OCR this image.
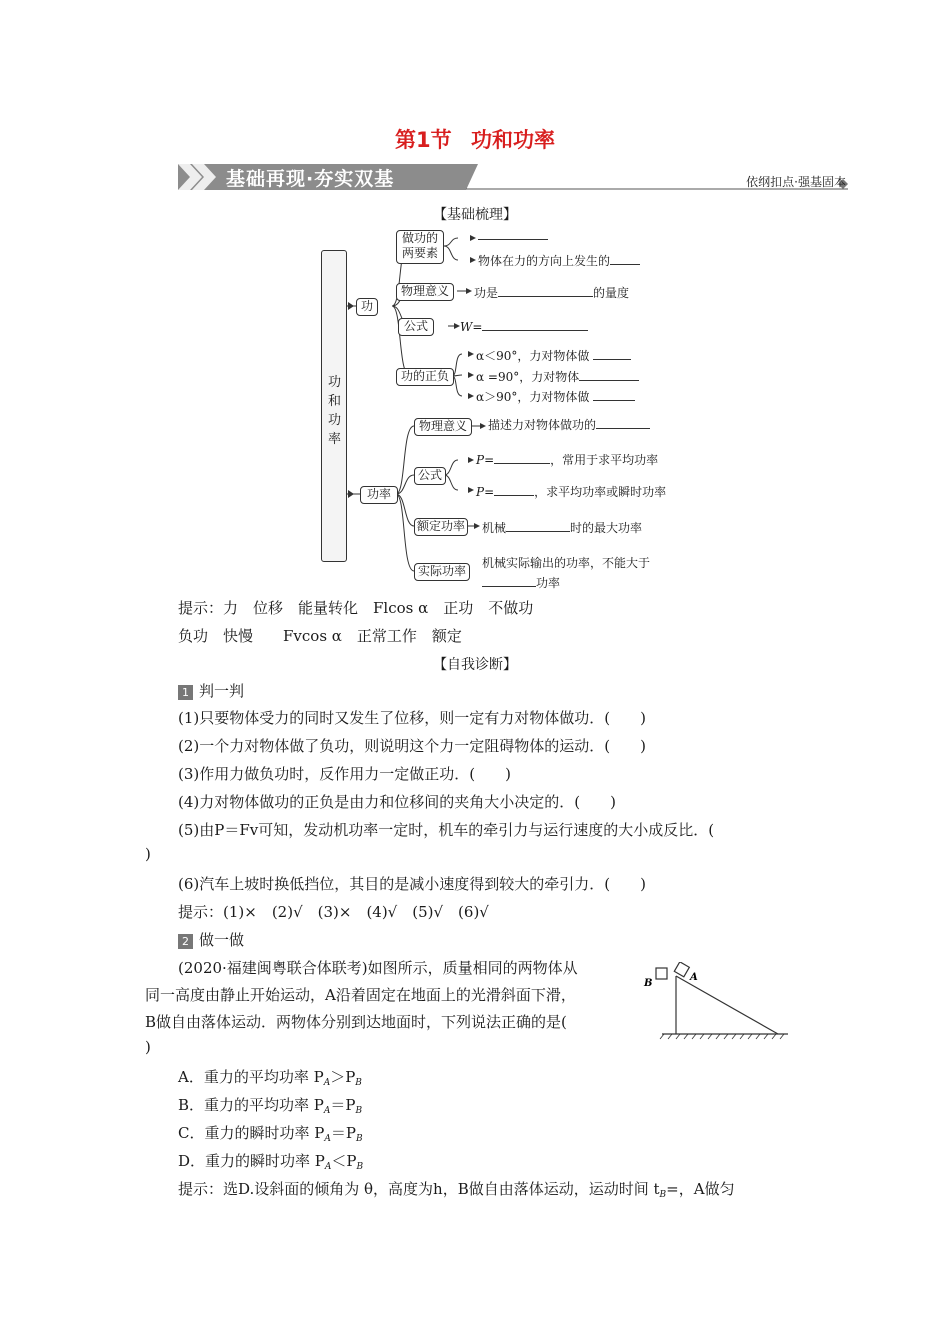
第1节 功和功率
基础再现·夯实双基	依纲扣点·强基固本
【基础梳理】
功和功率
功
做功的两要素
物体在力的方向上发生的
物理意义	功是	的量度
公式	W=
功的正负
α＜90°，力对物体做
α =90°，力对物体
α＞90°，力对物体做
功率
物理意义	描述力对物体做功的
公式
P=	，常用于求平均功率
P=	，求平均功率或瞬时功率
额定功率 机械	时的最大功率
实际功率
机械实际输出的功率，不能大于
功率
提示：力　位移　能量转化　Flcos α　正功　不做功
负功　快慢　　Fvcos α　正常工作　额定
【自我诊断】
1 判一判
(1)只要物体受力的同时又发生了位移，则一定有力对物体做功．(　　)
(2)一个力对物体做了负功，则说明这个力一定阻碍物体的运动．(　　)
(3)作用力做负功时，反作用力一定做正功．(　　)
(4)力对物体做功的正负是由力和位移间的夹角大小决定的．(　　)
(5)由P＝Fv可知，发动机功率一定时，机车的牵引力与运行速度的大小成反比．(
)
(6)汽车上坡时换低挡位，其目的是减小速度得到较大的牵引力．(　　)
提示：(1)×　(2)√　(3)×　(4)√　(5)√　(6)√
2 做一做
(2020·福建闽粤联合体联考)如图所示，质量相同的两物体从
同一高度由静止开始运动，A沿着固定在地面上的光滑斜面下滑，
B做自由落体运动．两物体分别到达地面时，下列说法正确的是(
)
B
A
A．重力的平均功率 $P_A>P_B$
B．重力的平均功率 $P_A=P_B$
C．重力的瞬时功率 $P_A=P_B$
D．重力的瞬时功率 $P_A<P_B$
提示：选D.设斜面的倾角为 θ，高度为h，B做自由落体运动，运动时间 $t_B=$，A做匀
